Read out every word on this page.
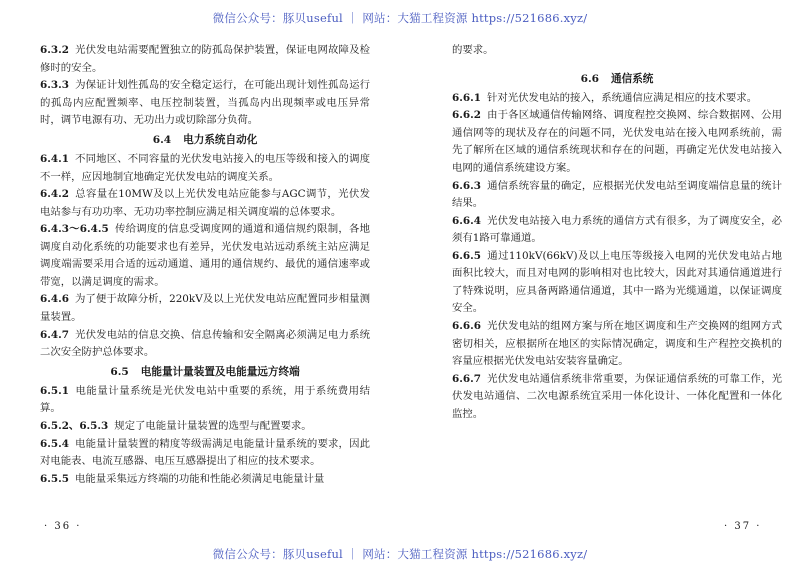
微信公众号：豚贝useful ｜ 网站：大猫工程资源 https://521686.xyz/

6.3.2 光伏发电站需要配置独立的防孤岛保护装置，保证电网故障及检修时的安全。

6.3.3 为保证计划性孤岛的安全稳定运行，在可能出现计划性孤岛运行的孤岛内应配置频率、电压控制装置，当孤岛内出现频率或电压异常时，调节电源有功、无功出力或切除部分负荷。

6.4 电力系统自动化

6.4.1 不同地区、不同容量的光伏发电站接入的电压等级和接入的调度不一样，应因地制宜地确定光伏发电站的调度关系。

6.4.2 总容量在10MW及以上光伏发电站应能参与AGC调节，光伏发电站参与有功功率、无功功率控制应满足相关调度端的总体要求。

6.4.3～6.4.5 传给调度的信息受调度网的通道和通信规约限制，各地调度自动化系统的功能要求也有差异，光伏发电站远动系统主站应满足调度端需要采用合适的远动通道、通用的通信规约、最优的通信速率或带宽，以满足调度的需求。

6.4.6 为了便于故障分析，220kV及以上光伏发电站应配置同步相量测量装置。

6.4.7 光伏发电站的信息交换、信息传输和安全隔离必须满足电力系统二次安全防护总体要求。

6.5 电能量计量装置及电能量远方终端

6.5.1 电能量计量系统是光伏发电站中重要的系统，用于系统费用结算。

6.5.2、6.5.3 规定了电能量计量装置的选型与配置要求。

6.5.4 电能量计量装置的精度等级需满足电能量计量系统的要求，因此对电能表、电流互感器、电压互感器提出了相应的技术要求。

6.5.5 电能量采集远方终端的功能和性能必须满足电能量计量

的要求。

6.6 通信系统

6.6.1 针对光伏发电站的接入，系统通信应满足相应的技术要求。

6.6.2 由于各区域通信传输网络、调度程控交换网、综合数据网、公用通信网等的现状及存在的问题不同，光伏发电站在接入电网系统前，需先了解所在区域的通信系统现状和存在的问题，再确定光伏发电站接入电网的通信系统建设方案。

6.6.3 通信系统容量的确定，应根据光伏发电站至调度端信息量的统计结果。

6.6.4 光伏发电站接入电力系统的通信方式有很多，为了调度安全，必须有1路可靠通道。

6.6.5 通过110kV(66kV)及以上电压等级接入电网的光伏发电站占地面积比较大，而且对电网的影响相对也比较大，因此对其通信通道进行了特殊说明，应具备两路通信通道，其中一路为光缆通道，以保证调度安全。

6.6.6 光伏发电站的组网方案与所在地区调度和生产交换网的组网方式密切相关，应根据所在地区的实际情况确定，调度和生产程控交换机的容量应根据光伏发电站安装容量确定。

6.6.7 光伏发电站通信系统非常重要，为保证通信系统的可靠工作，光伏发电站通信、二次电源系统宜采用一体化设计、一体化配置和一体化监控。

· 36 ·	· 37 ·
微信公众号：豚贝useful ｜ 网站：大猫工程资源 https://521686.xyz/
